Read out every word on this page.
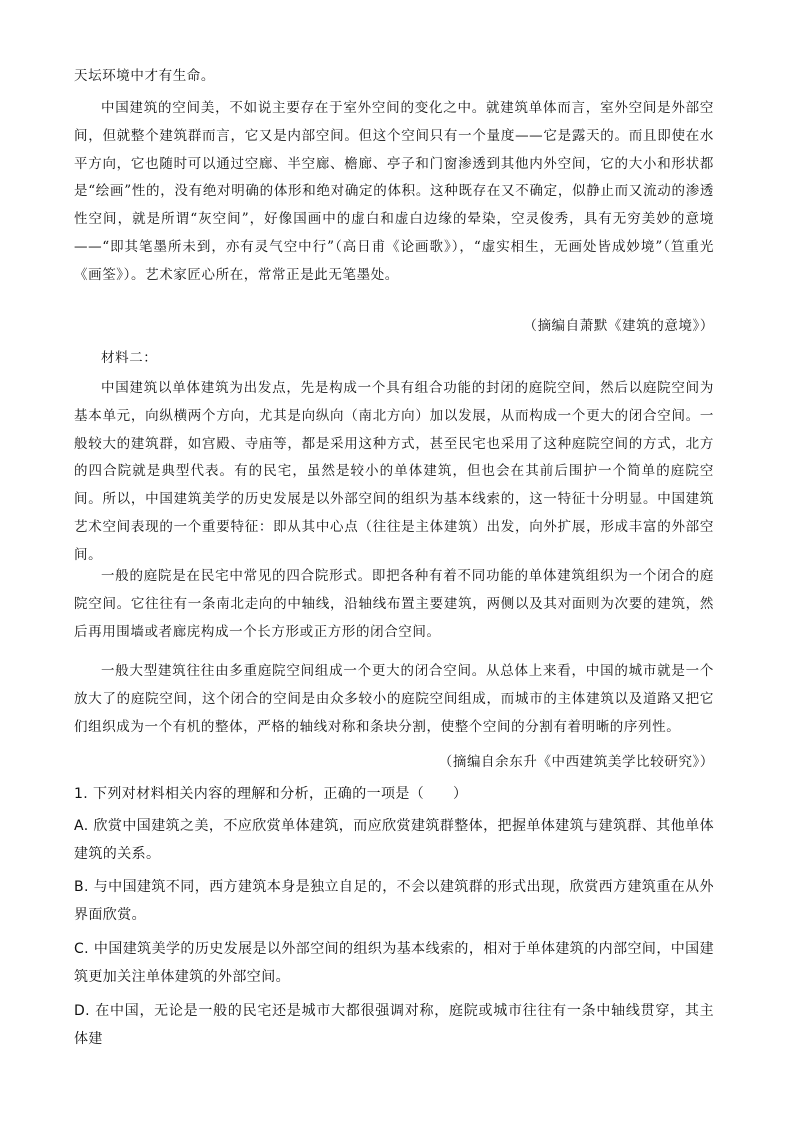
天坛环境中才有生命。

中国建筑的空间美，不如说主要存在于室外空间的变化之中。就建筑单体而言，室外空间是外部空间，但就整个建筑群而言，它又是内部空间。但这个空间只有一个量度——它是露天的。而且即使在水平方向，它也随时可以通过空廊、半空廊、檐廊、亭子和门窗渗透到其他内外空间，它的大小和形状都是“绘画”性的，没有绝对明确的体形和绝对确定的体积。这种既存在又不确定，似静止而又流动的渗透性空间，就是所谓“灰空间”，好像国画中的虚白和虚白边缘的晕染，空灵俊秀，具有无穷美妙的意境——“即其笔墨所未到，亦有灵气空中行”（高日甫《论画歌》），“虚实相生，无画处皆成妙境”（笪重光《画筌》）。艺术家匠心所在，常常正是此无笔墨处。

（摘编自萧默《建筑的意境》）

材料二：

中国建筑以单体建筑为出发点，先是构成一个具有组合功能的封闭的庭院空间，然后以庭院空间为基本单元，向纵横两个方向，尤其是向纵向（南北方向）加以发展，从而构成一个更大的闭合空间。一般较大的建筑群，如宫殿、寺庙等，都是采用这种方式，甚至民宅也采用了这种庭院空间的方式，北方的四合院就是典型代表。有的民宅，虽然是较小的单体建筑，但也会在其前后围护一个简单的庭院空间。所以，中国建筑美学的历史发展是以外部空间的组织为基本线索的，这一特征十分明显。中国建筑艺术空间表现的一个重要特征：即从其中心点（往往是主体建筑）出发，向外扩展，形成丰富的外部空间。

一般的庭院是在民宅中常见的四合院形式。即把各种有着不同功能的单体建筑组织为一个闭合的庭院空间。它往往有一条南北走向的中轴线，沿轴线布置主要建筑，两侧以及其对面则为次要的建筑，然后再用围墙或者廊庑构成一个长方形或正方形的闭合空间。

一般大型建筑往往由多重庭院空间组成一个更大的闭合空间。从总体上来看，中国的城市就是一个放大了的庭院空间，这个闭合的空间是由众多较小的庭院空间组成，而城市的主体建筑以及道路又把它们组织成为一个有机的整体，严格的轴线对称和条块分割，使整个空间的分割有着明晰的序列性。

（摘编自余东升《中西建筑美学比较研究》）

1. 下列对材料相关内容的理解和分析，正确的一项是（　　）

A. 欣赏中国建筑之美，不应欣赏单体建筑，而应欣赏建筑群整体，把握单体建筑与建筑群、其他单体建筑的关系。

B. 与中国建筑不同，西方建筑本身是独立自足的，不会以建筑群的形式出现，欣赏西方建筑重在从外界面欣赏。

C. 中国建筑美学的历史发展是以外部空间的组织为基本线索的，相对于单体建筑的内部空间，中国建筑更加关注单体建筑的外部空间。

D. 在中国，无论是一般的民宅还是城市大都很强调对称，庭院或城市往往有一条中轴线贯穿，其主体建
